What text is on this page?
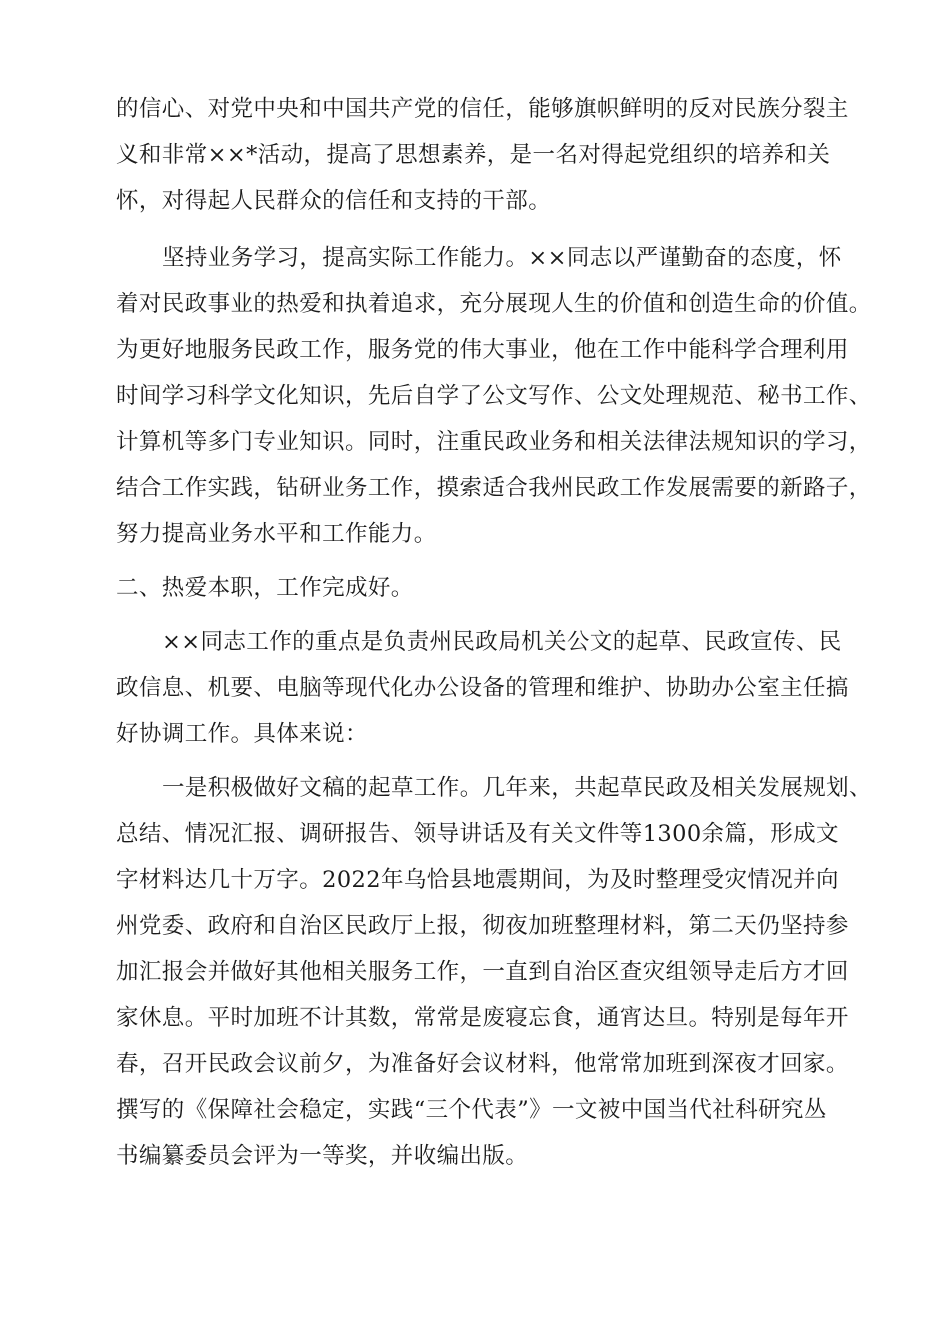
的信心、对党中央和中国共产党的信任，能够旗帜鲜明的反对民族分裂主

义和非常××*活动，提高了思想素养，是一名对得起党组织的培养和关

怀，对得起人民群众的信任和支持的干部。

坚持业务学习，提高实际工作能力。××同志以严谨勤奋的态度，怀

着对民政事业的热爱和执着追求，充分展现人生的价值和创造生命的价值。

为更好地服务民政工作，服务党的伟大事业，他在工作中能科学合理利用

时间学习科学文化知识，先后自学了公文写作、公文处理规范、秘书工作、

计算机等多门专业知识。同时，注重民政业务和相关法律法规知识的学习，

结合工作实践，钻研业务工作，摸索适合我州民政工作发展需要的新路子，

努力提高业务水平和工作能力。

二、热爱本职，工作完成好。

××同志工作的重点是负责州民政局机关公文的起草、民政宣传、民

政信息、机要、电脑等现代化办公设备的管理和维护、协助办公室主任搞

好协调工作。具体来说：

一是积极做好文稿的起草工作。几年来，共起草民政及相关发展规划、

总结、情况汇报、调研报告、领导讲话及有关文件等1300余篇，形成文

字材料达几十万字。2022年乌恰县地震期间，为及时整理受灾情况并向

州党委、政府和自治区民政厅上报，彻夜加班整理材料，第二天仍坚持参

加汇报会并做好其他相关服务工作，一直到自治区查灾组领导走后方才回

家休息。平时加班不计其数，常常是废寝忘食，通宵达旦。特别是每年开

春，召开民政会议前夕，为准备好会议材料，他常常加班到深夜才回家。

撰写的《保障社会稳定，实践“三个代表”》一文被中国当代社科研究丛

书编纂委员会评为一等奖，并收编出版。
